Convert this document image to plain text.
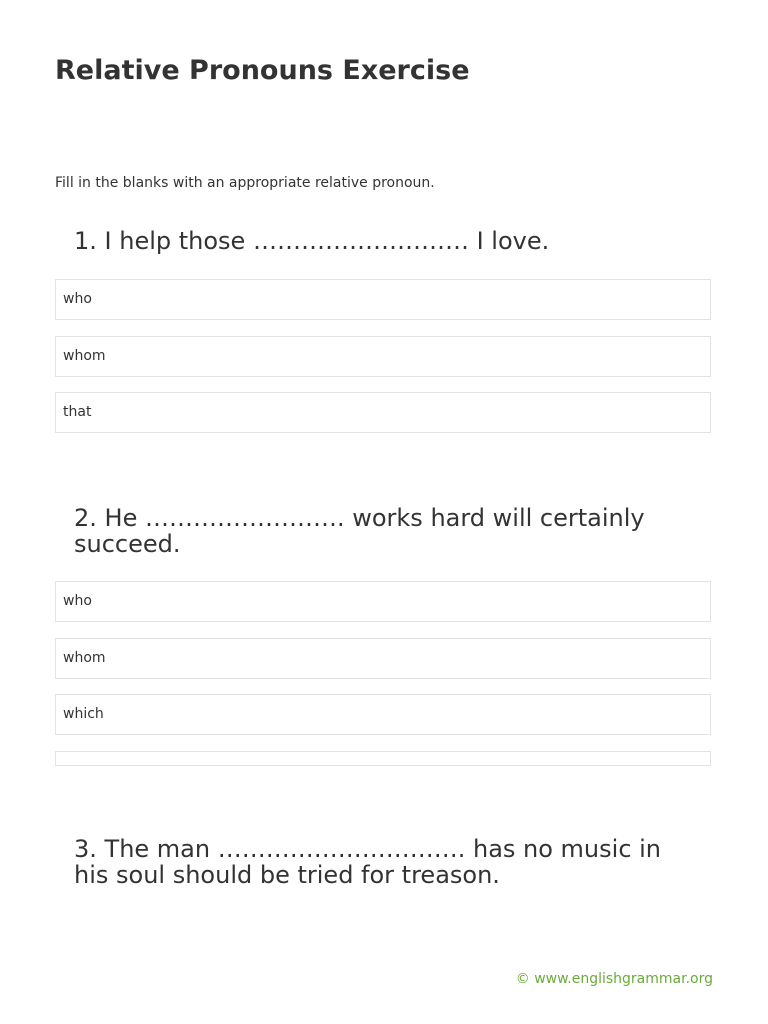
Relative Pronouns Exercise

Fill in the blanks with an appropriate relative pronoun.

1. I help those ……………………… I love.

who
whom
that

2. He ……………………. works hard will certainly succeed.

who
whom
which

3. The man …………………………. has no music in his soul should be tried for treason.

© www.englishgrammar.org
